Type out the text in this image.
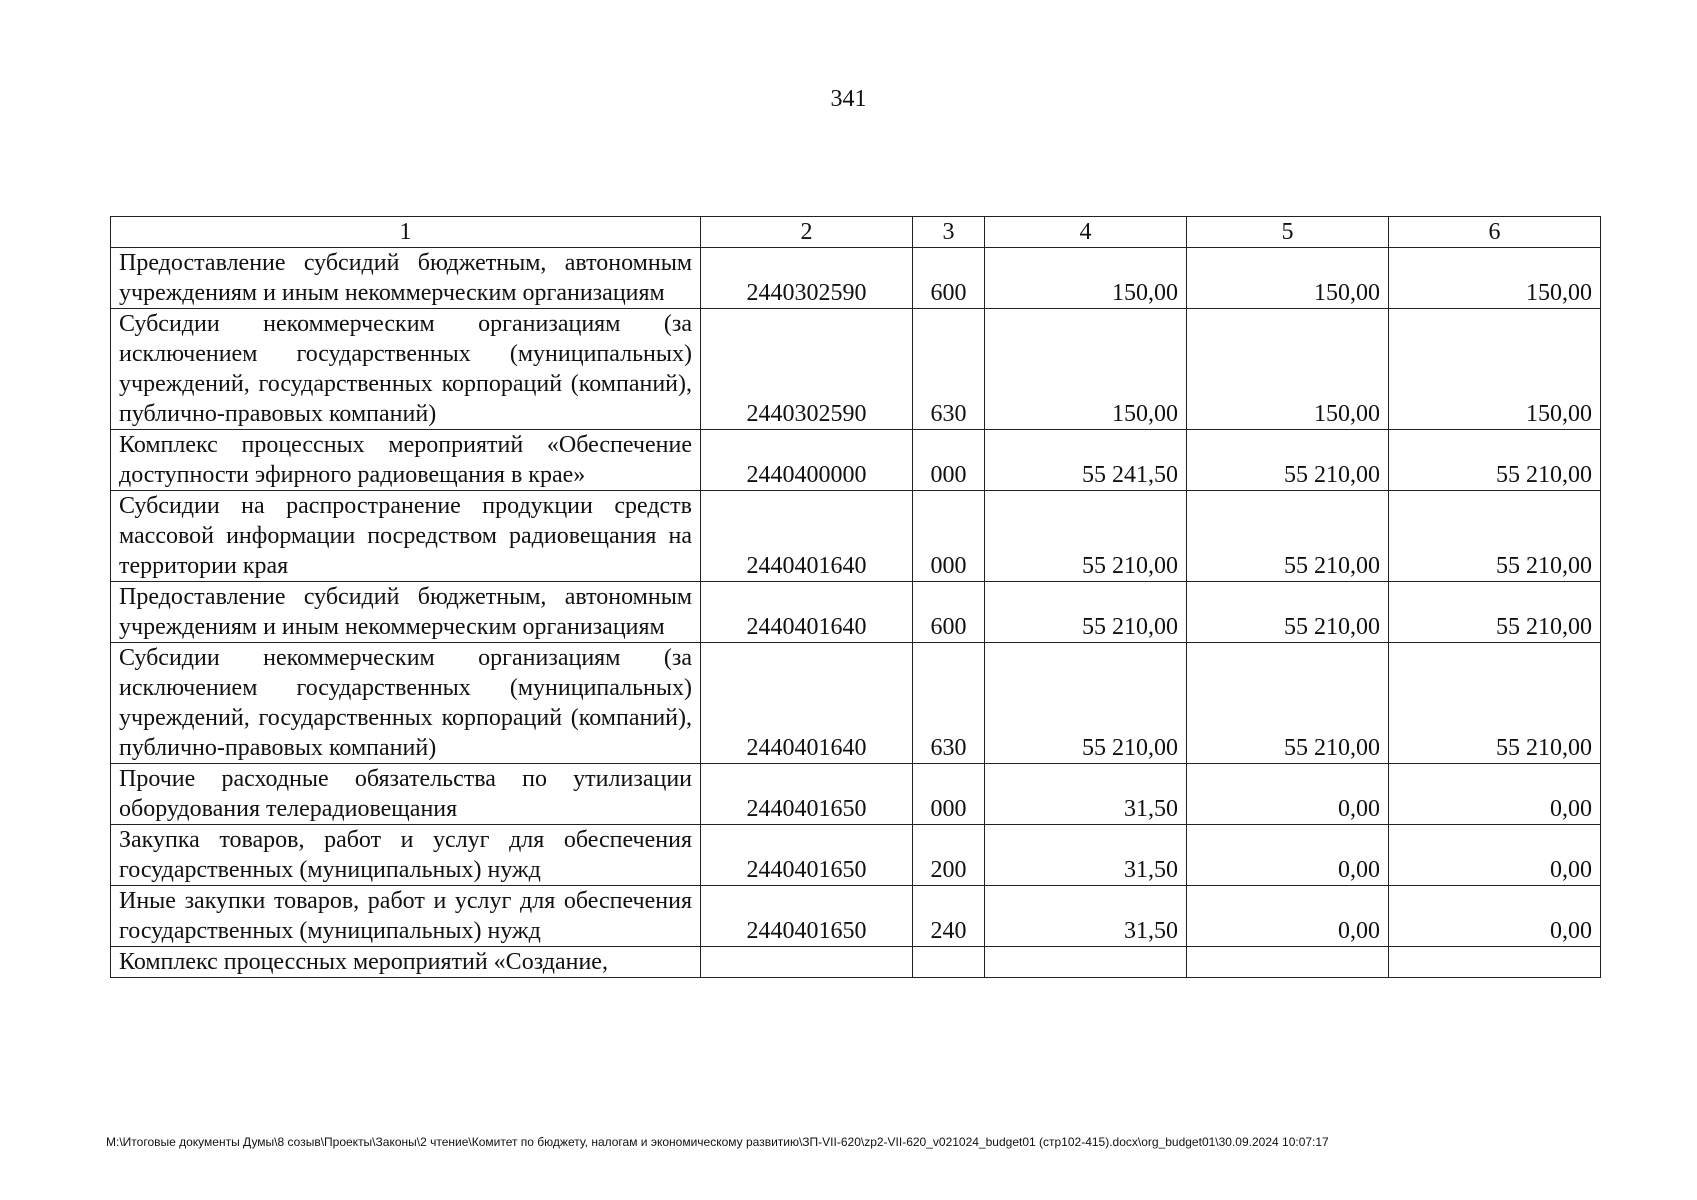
341
1	2	3	4	5	6
Предоставление субсидий бюджетным, автономным учреждениям и иным некоммерческим организациям	2440302590	600	150,00	150,00	150,00
Субсидии некоммерческим организациям (за исключением государственных (муниципальных) учреждений, государственных корпораций (компаний), публично-правовых компаний)	2440302590	630	150,00	150,00	150,00
Комплекс процессных мероприятий «Обеспечение доступности эфирного радиовещания в крае»	2440400000	000	55 241,50	55 210,00	55 210,00
Субсидии на распространение продукции средств массовой информации посредством радиовещания на территории края	2440401640	000	55 210,00	55 210,00	55 210,00
Предоставление субсидий бюджетным, автономным учреждениям и иным некоммерческим организациям	2440401640	600	55 210,00	55 210,00	55 210,00
Субсидии некоммерческим организациям (за исключением государственных (муниципальных) учреждений, государственных корпораций (компаний), публично-правовых компаний)	2440401640	630	55 210,00	55 210,00	55 210,00
Прочие расходные обязательства по утилизации оборудования телерадиовещания	2440401650	000	31,50	0,00	0,00
Закупка товаров, работ и услуг для обеспечения государственных (муниципальных) нужд	2440401650	200	31,50	0,00	0,00
Иные закупки товаров, работ и услуг для обеспечения государственных (муниципальных) нужд	2440401650	240	31,50	0,00	0,00
Комплекс процессных мероприятий «Создание,					
M:\Итоговые документы Думы\8 созыв\Проекты\Законы\2 чтение\Комитет по бюджету, налогам и экономическому развитию\ЗП-VII-620\zp2-VII-620_v021024_budget01 (стр102-415).docx\org_budget01\30.09.2024 10:07:17
